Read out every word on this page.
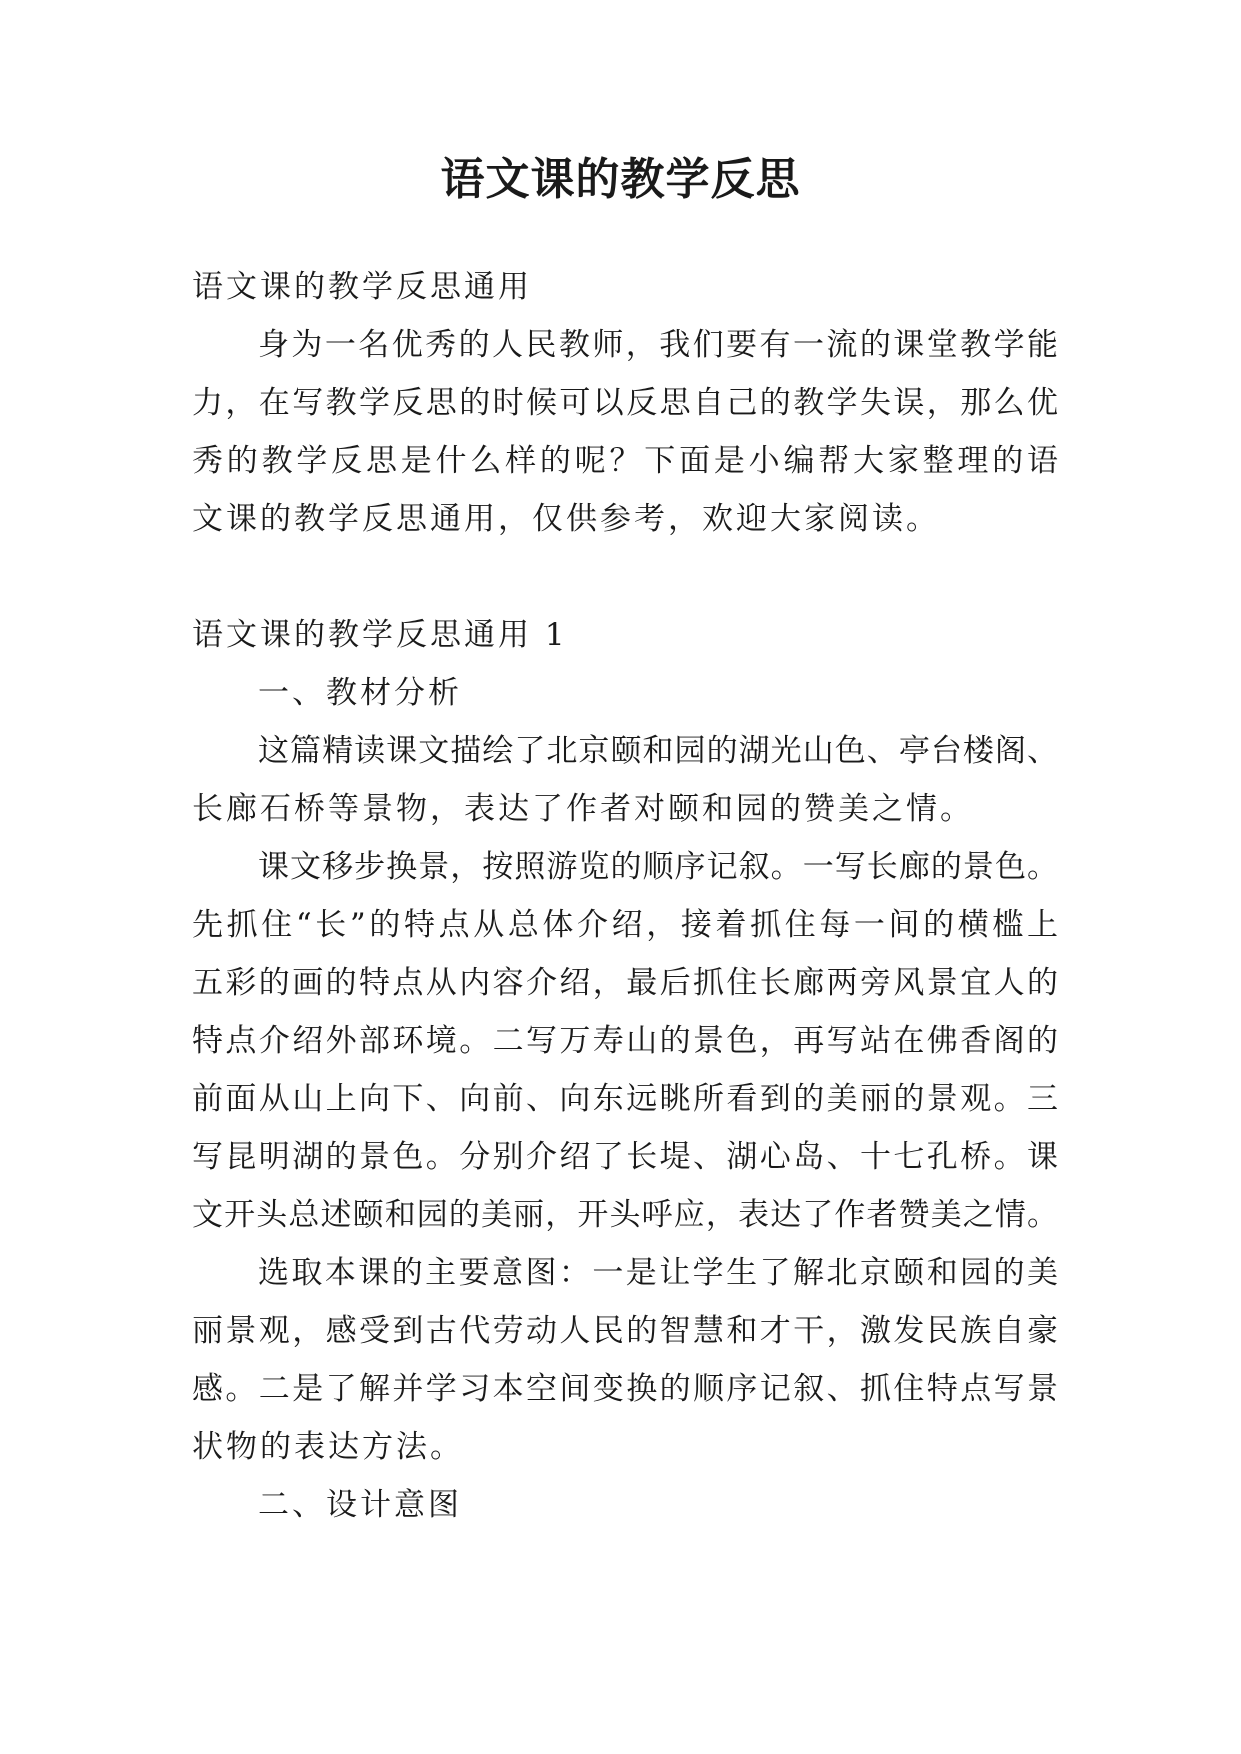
语文课的教学反思
语文课的教学反思通用
身为一名优秀的人民教师，我们要有一流的课堂教学能
力，在写教学反思的时候可以反思自己的教学失误，那么优
秀的教学反思是什么样的呢？下面是小编帮大家整理的语
文课的教学反思通用，仅供参考，欢迎大家阅读。
语文课的教学反思通用 1
一、教材分析
这篇精读课文描绘了北京颐和园的湖光山色、亭台楼阁、
长廊石桥等景物，表达了作者对颐和园的赞美之情。
课文移步换景，按照游览的顺序记叙。一写长廊的景色。
先抓住“长”的特点从总体介绍，接着抓住每一间的横槛上
五彩的画的特点从内容介绍，最后抓住长廊两旁风景宜人的
特点介绍外部环境。二写万寿山的景色，再写站在佛香阁的
前面从山上向下、向前、向东远眺所看到的美丽的景观。三
写昆明湖的景色。分别介绍了长堤、湖心岛、十七孔桥。课
文开头总述颐和园的美丽，开头呼应，表达了作者赞美之情。
选取本课的主要意图：一是让学生了解北京颐和园的美
丽景观，感受到古代劳动人民的智慧和才干，激发民族自豪
感。二是了解并学习本空间变换的顺序记叙、抓住特点写景
状物的表达方法。
二、设计意图
